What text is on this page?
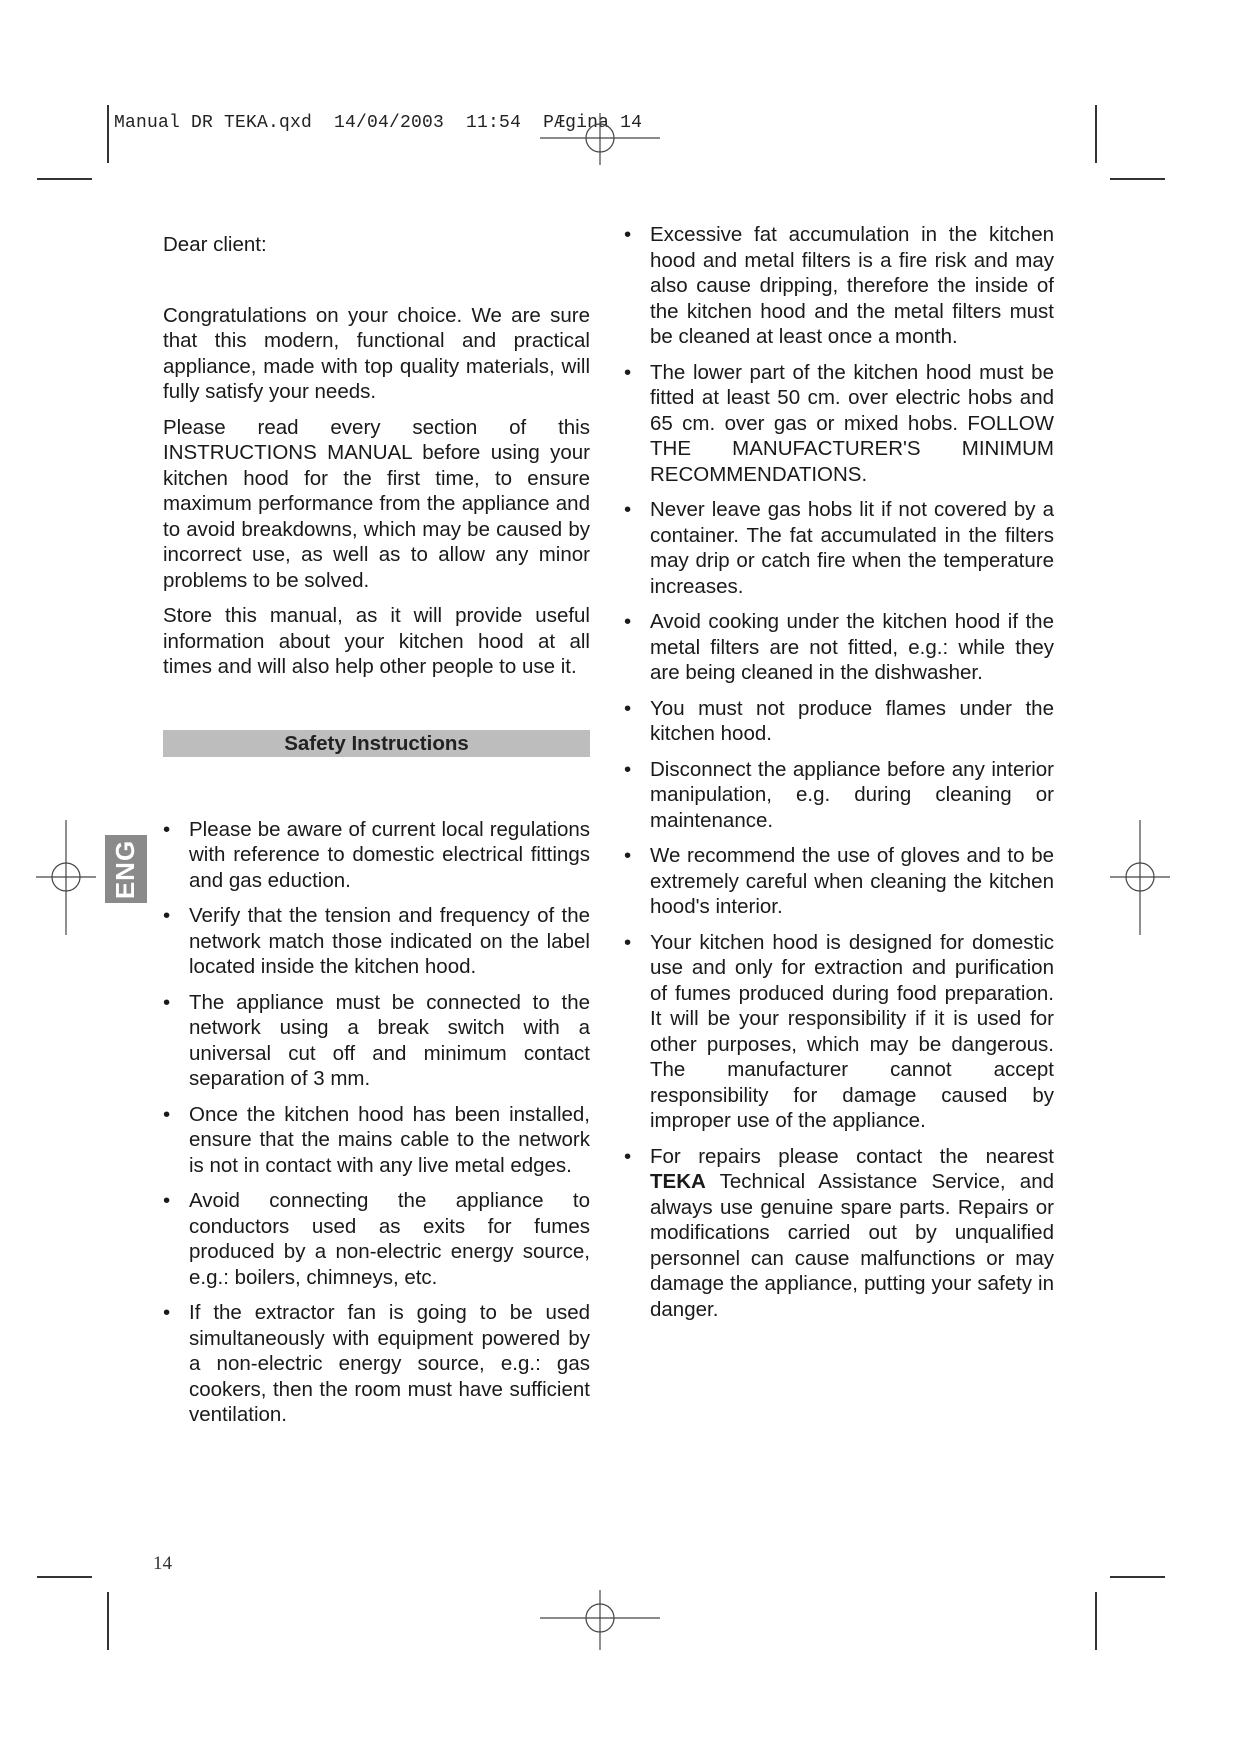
Manual DR TEKA.qxd  14/04/2003  11:54  PÆgina 14
ENG

Dear client:

Congratulations on your choice. We are sure that this modern, functional and practical appliance, made with top quality materials, will fully satisfy your needs.

Please read every section of this INSTRUCTIONS MANUAL before using your kitchen hood for the first time, to ensure maximum performance from the appliance and to avoid breakdowns, which may be caused by incorrect use, as well as to allow any minor problems to be solved.

Store this manual, as it will provide useful information about your kitchen hood at all times and will also help other people to use it.

Safety Instructions
• Please be aware of current local regulations with reference to domestic electrical fittings and gas eduction.
• Verify that the tension and frequency of the network match those indicated on the label located inside the kitchen hood.
• The appliance must be connected to the network using a break switch with a universal cut off and minimum contact separation of 3 mm.
• Once the kitchen hood has been installed, ensure that the mains cable to the network is not in contact with any live metal edges.
• Avoid connecting the appliance to conductors used as exits for fumes produced by a non-electric energy source, e.g.: boilers, chimneys, etc.
• If the extractor fan is going to be used simultaneously with equipment powered by a non-electric energy source, e.g.: gas cookers, then the room must have sufficient ventilation.
• Excessive fat accumulation in the kitchen hood and metal filters is a fire risk and may also cause dripping, therefore the inside of the kitchen hood and the metal filters must be cleaned at least once a month.
• The lower part of the kitchen hood must be fitted at least 50 cm. over electric hobs and 65 cm. over gas or mixed hobs. FOLLOW THE MANUFACTURER'S MINIMUM RECOMMENDATIONS.
• Never leave gas hobs lit if not covered by a container. The fat accumulated in the filters may drip or catch fire when the temperature increases.
• Avoid cooking under the kitchen hood if the metal filters are not fitted, e.g.: while they are being cleaned in the dishwasher.
• You must not produce flames under the kitchen hood.
• Disconnect the appliance before any interior manipulation, e.g. during cleaning or maintenance.
• We recommend the use of gloves and to be extremely careful when cleaning the kitchen hood's interior.
• Your kitchen hood is designed for domestic use and only for extraction and purification of fumes produced during food preparation. It will be your responsibility if it is used for other purposes, which may be dangerous. The manufacturer cannot accept responsibility for damage caused by improper use of the appliance.
• For repairs please contact the nearest TEKA Technical Assistance Service, and always use genuine spare parts. Repairs or modifications carried out by unqualified personnel can cause malfunctions or may damage the appliance, putting your safety in danger.
14
